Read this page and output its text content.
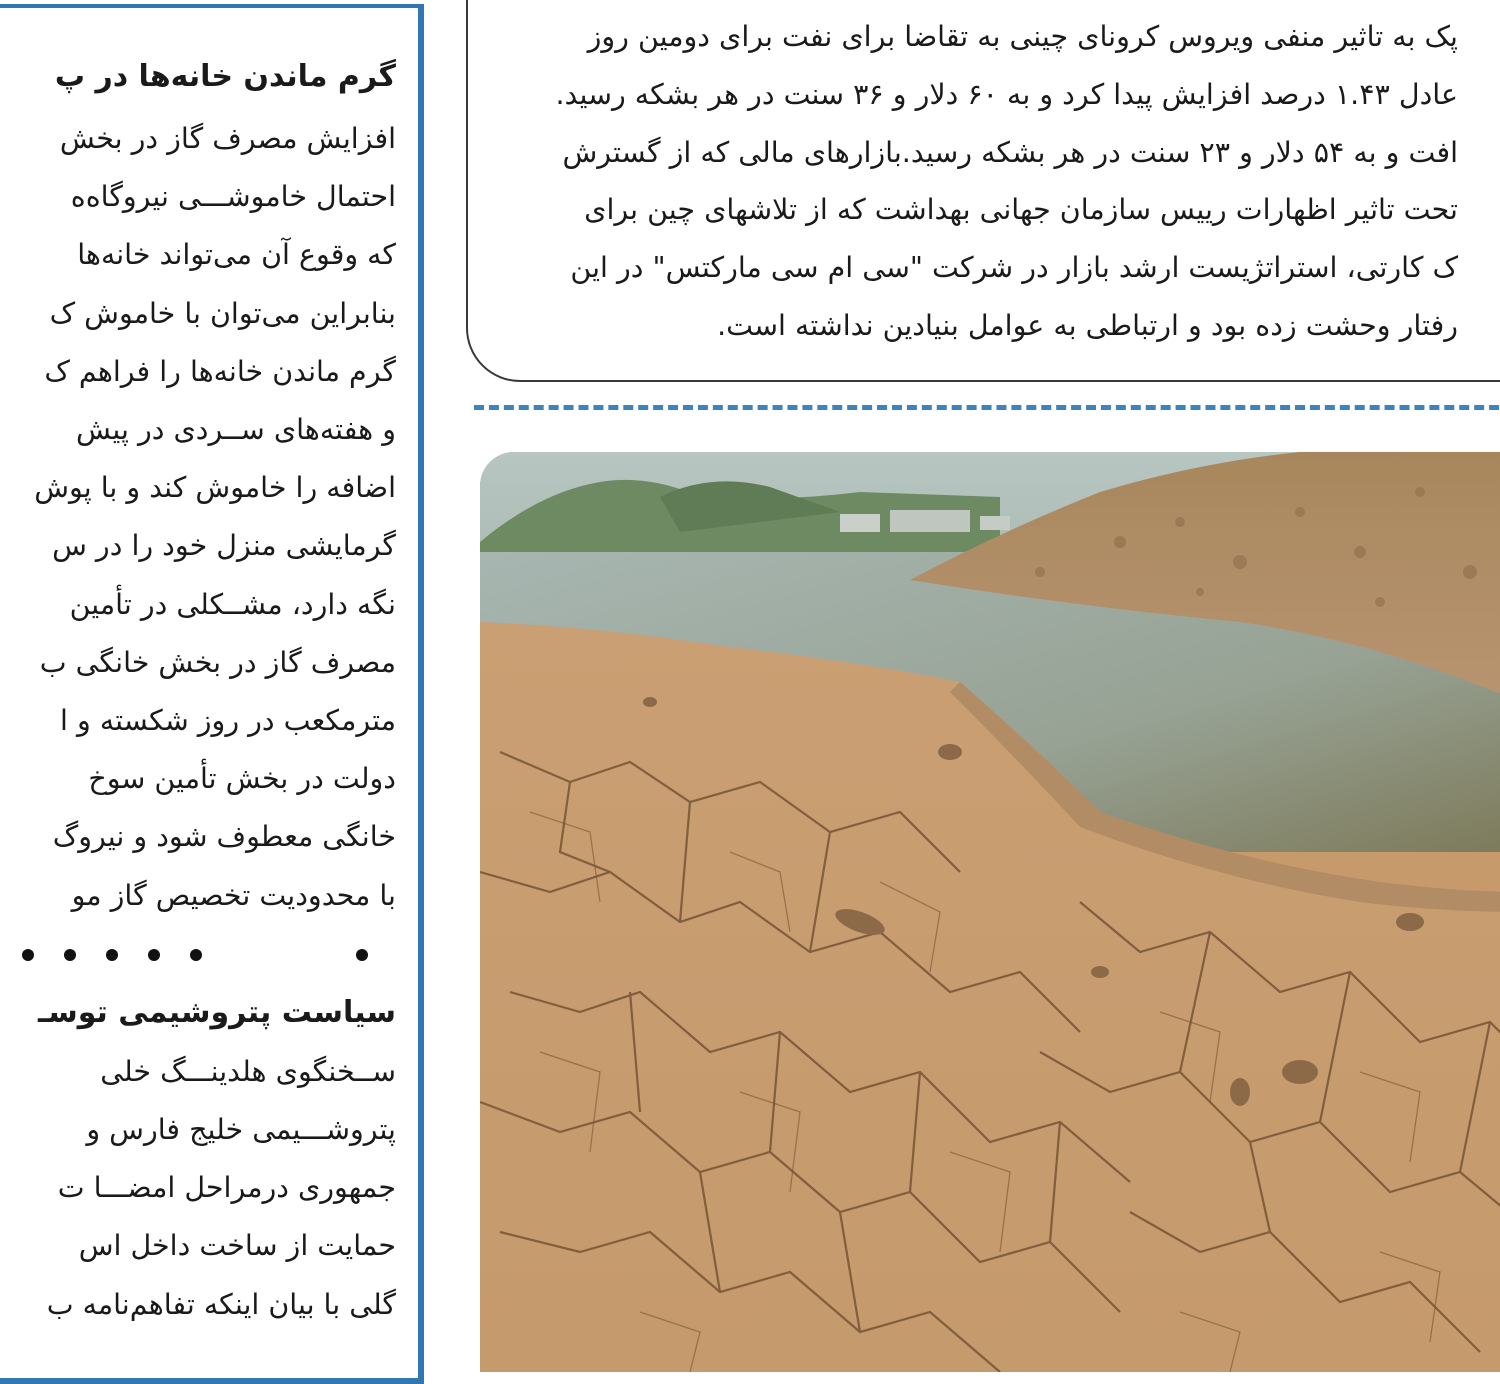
گرم ماندن خانه‌ها در پ

افزایش مصرف گاز در بخش

احتمال خاموشـــی نیروگاه‌ه

که وقوع آن می‌تواند خانه‌ها

بنابراین می‌توان با خاموش ک

گرم ماندن خانه‌ها را فراهم ک

و هفته‌های ســردی در پیش

اضافه را خاموش کند و با پوش

گرمایشی منزل خود را در س

نگه دارد، مشــکلی در تأمین

مصرف گاز در بخش خانگی ب

مترمکعب در روز شکسته و ا

دولت در بخش تأمین سوخ

خانگی معطوف شود و نیروگ

با محدودیت تخصیص گاز مو

سیاست پتروشیمی توسـ

ســخنگوی هلدینـــگ خلی

پتروشـــیمی خلیج فارس و

جمهوری درمراحل امضـــا ت

حمایت از ساخت داخل اس

گلی با بیان اینکه تفاهم‌نامه ب

پک به تاثیر منفی ویروس کرونای چینی به تقاضا برای نفت برای دومین روز

عادل ۱.۴۳ درصد افزایش پیدا کرد و به ۶۰ دلار و ۳۶ سنت در هر بشکه رسید.

افت و به ۵۴ دلار و ۲۳ سنت در هر بشکه رسید.بازارهای مالی که از گسترش

تحت تاثیر اظهارات رییس سازمان جهانی بهداشت که از تلاشهای چین برای

ک کارتی، استراتژیست ارشد بازار در شرکت "سی ام سی مارکتس" در این

رفتار وحشت زده بود و ارتباطی به عوامل بنیادین نداشته است.
